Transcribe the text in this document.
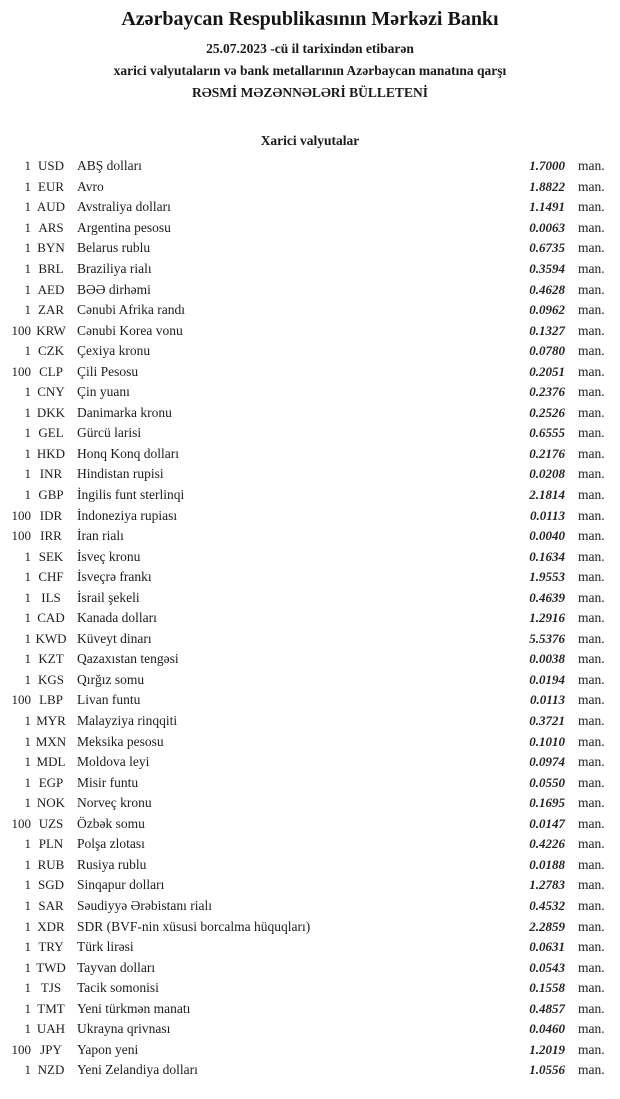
Azərbaycan Respublikasının Mərkəzi Bankı
25.07.2023 -cü il tarixindən etibarən
xarici valyutaların və bank metallarının Azərbaycan manatına qarşı
RƏSMİ MƏZƏNNƏLƏRİ BÜLLETENİ
Xarici valyutalar
1 USD ABŞ dolları	1.7000 man.
1 EUR Avro	1.8822 man.
1 AUD Avstraliya dolları	1.1491 man.
1 ARS Argentina pesosu	0.0063 man.
1 BYN Belarus rublu	0.6735 man.
1 BRL Braziliya rialı	0.3594 man.
1 AED BƏƏ dirhəmi	0.4628 man.
1 ZAR Cənubi Afrika randı	0.0962 man.
100 KRW Cənubi Korea vonu	0.1327 man.
1 CZK Çexiya kronu	0.0780 man.
100 CLP	Çili Pesosu	0.2051 man.
1 CNY Çin yuanı	0.2376 man.
1 DKK Danimarka kronu	0.2526 man.
1 GEL Gürcü larisi	0.6555 man.
1 HKD Honq Konq dolları	0.2176 man.
1 INR	Hindistan rupisi	0.0208 man.
1 GBP İngilis funt sterlinqi	2.1814 man.
100 IDR	İndoneziya rupiası	0.0113 man.
100 IRR	İran rialı	0.0040 man.
1 SEK	İsveç kronu	0.1634 man.
1 CHF İsveçrə frankı	1.9553 man.
1 ILS	İsrail şekeli	0.4639 man.
1 CAD Kanada dolları	1.2916 man.
1 KWD Küveyt dinarı	5.5376 man.
1 KZT Qazaxıstan tengəsi	0.0038 man.
1 KGS Qırğız somu	0.0194 man.
100 LBP	Livan funtu	0.0113 man.
1 MYR Malayziya rinqqiti	0.3721 man.
1 MXN Meksika pesosu	0.1010 man.
1 MDL Moldova leyi	0.0974 man.
1 EGP	Misir funtu	0.0550 man.
1 NOK Norveç kronu	0.1695 man.
100 UZS	Özbək somu	0.0147 man.
1 PLN	Polşa zlotası	0.4226 man.
1 RUB Rusiya rublu	0.0188 man.
1 SGD Sinqapur dolları	1.2783 man.
1 SAR Səudiyyə Ərəbistanı rialı	0.4532 man.
1 XDR SDR (BVF-nin xüsusi borcalma hüquqları)	2.2859 man.
1 TRY Türk lirəsi	0.0631 man.
1 TWD Tayvan dolları	0.0543 man.
1 TJS	Tacik somonisi	0.1558 man.
1 TMT Yeni türkmən manatı	0.4857 man.
1 UAH Ukrayna qrivnası	0.0460 man.
100 JPY	Yapon yeni	1.2019 man.
1 NZD Yeni Zelandiya dolları	1.0556 man.
